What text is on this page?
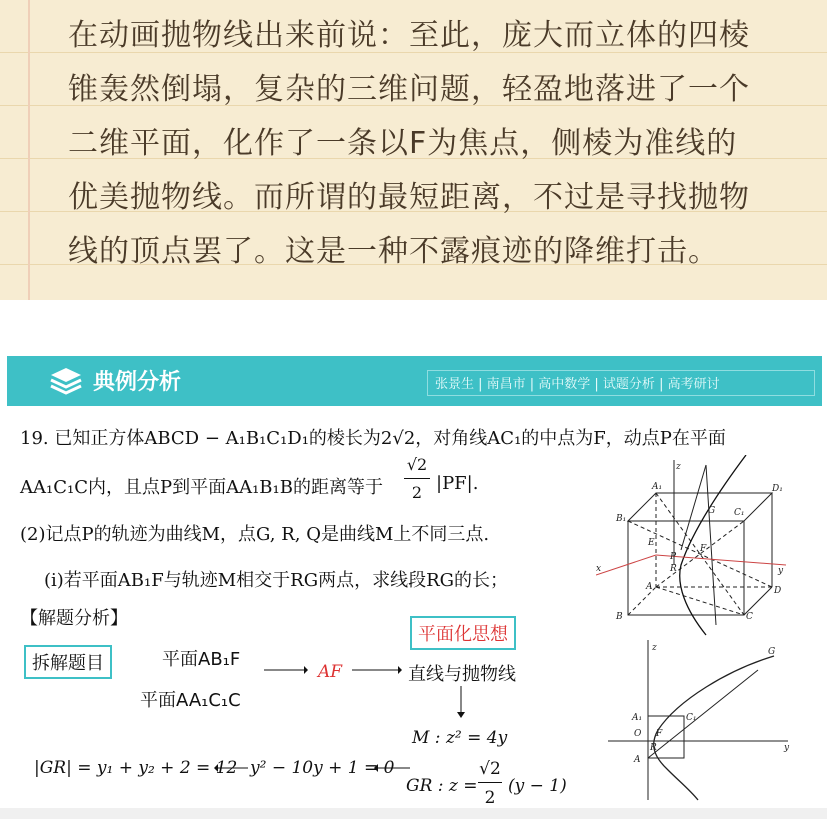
在动画抛物线出来前说：至此，庞大而立体的四棱
锥轰然倒塌，复杂的三维问题，轻盈地落进了一个
二维平面，化作了一条以F为焦点，侧棱为准线的
优美抛物线。而所谓的最短距离，不过是寻找抛物
线的顶点罢了。这是一种不露痕迹的降维打击。
典例分析	张景生 | 南昌市 | 高中数学 | 试题分析 | 高考研讨
19. 已知正方体ABCD − A₁B₁C₁D₁的棱长为2√2，对角线AC₁的中点为F，动点P在平面
AA₁C₁C内，且点P到平面AA₁B₁B的距离等于
√2
2 |PF|.
(2)记点P的轨迹为曲线M，点G, R, Q是曲线M上不同三点.
(i)若平面AB₁F与轨迹M相交于RG两点，求线段RG的长；
z
G
A₁	D₁
B₁
C₁
E
F
P
R
x	y
A	D
B	C
【解题分析】
拆解题目
平面化思想
平面AB₁F
平面AA₁C₁C
AF	直线与抛物线
M : z² = 4y
GR : z =
√2
2
(y − 1)
y² − 10y + 1 = 0
|GR| = y₁ + y₂ + 2 = 12
z	G
A₁	C₁
O F
R
A
y
